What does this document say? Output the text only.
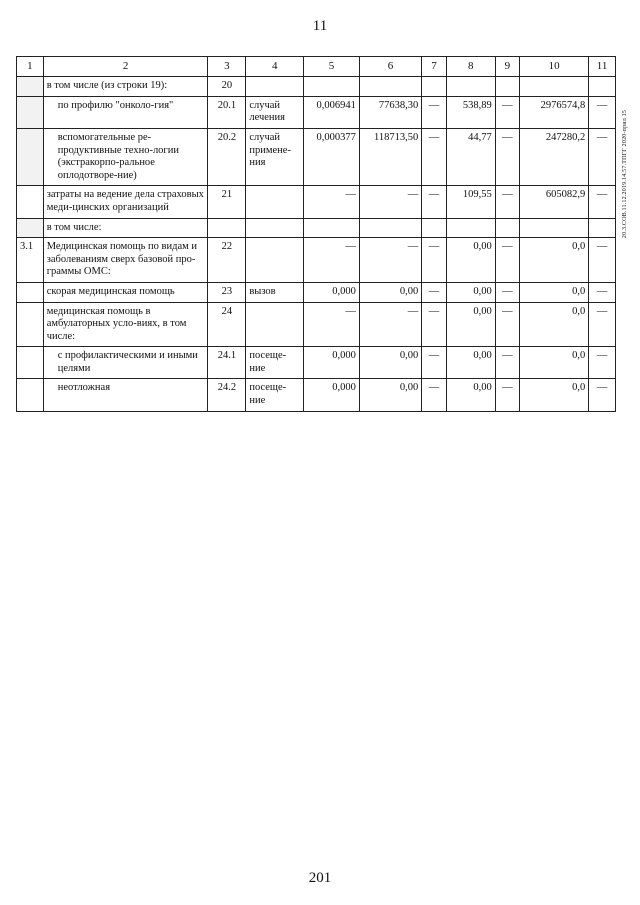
11
20.3.СОВ.11.12.2019.14.57.ТПГГ 2020-прил 15
1	2	3	4	5	6	7	8	9	10	11
	в том числе (из строки 19):	20								
	по профилю "онколо-гия"	20.1	случай лечения	0,006941	77638,30	—	538,89	—	2976574,8	—
	вспомогательные ре-продуктивные техно-логии (экстракорпо-ральное оплодотворе-ние)	20.2	случай примене-ния	0,000377	118713,50	—	44,77	—	247280,2	—
	затраты на ведение дела страховых меди-цинских организаций	21		—	—	—	109,55	—	605082,9	—
	в том числе:									
3.1	Медицинская помощь по видам и заболеваниям сверх базовой про-граммы ОМС:	22		—	—	—	0,00	—	0,0	—
	скорая медицинская помощь	23	вызов	0,000	0,00	—	0,00	—	0,0	—
	медицинская помощь в амбулаторных усло-виях, в том числе:	24		—	—	—	0,00	—	0,0	—
	с профилактическими и иными целями	24.1	посеще-ние	0,000	0,00	—	0,00	—	0,0	—
	неотложная	24.2	посеще-ние	0,000	0,00	—	0,00	—	0,0	—
201
